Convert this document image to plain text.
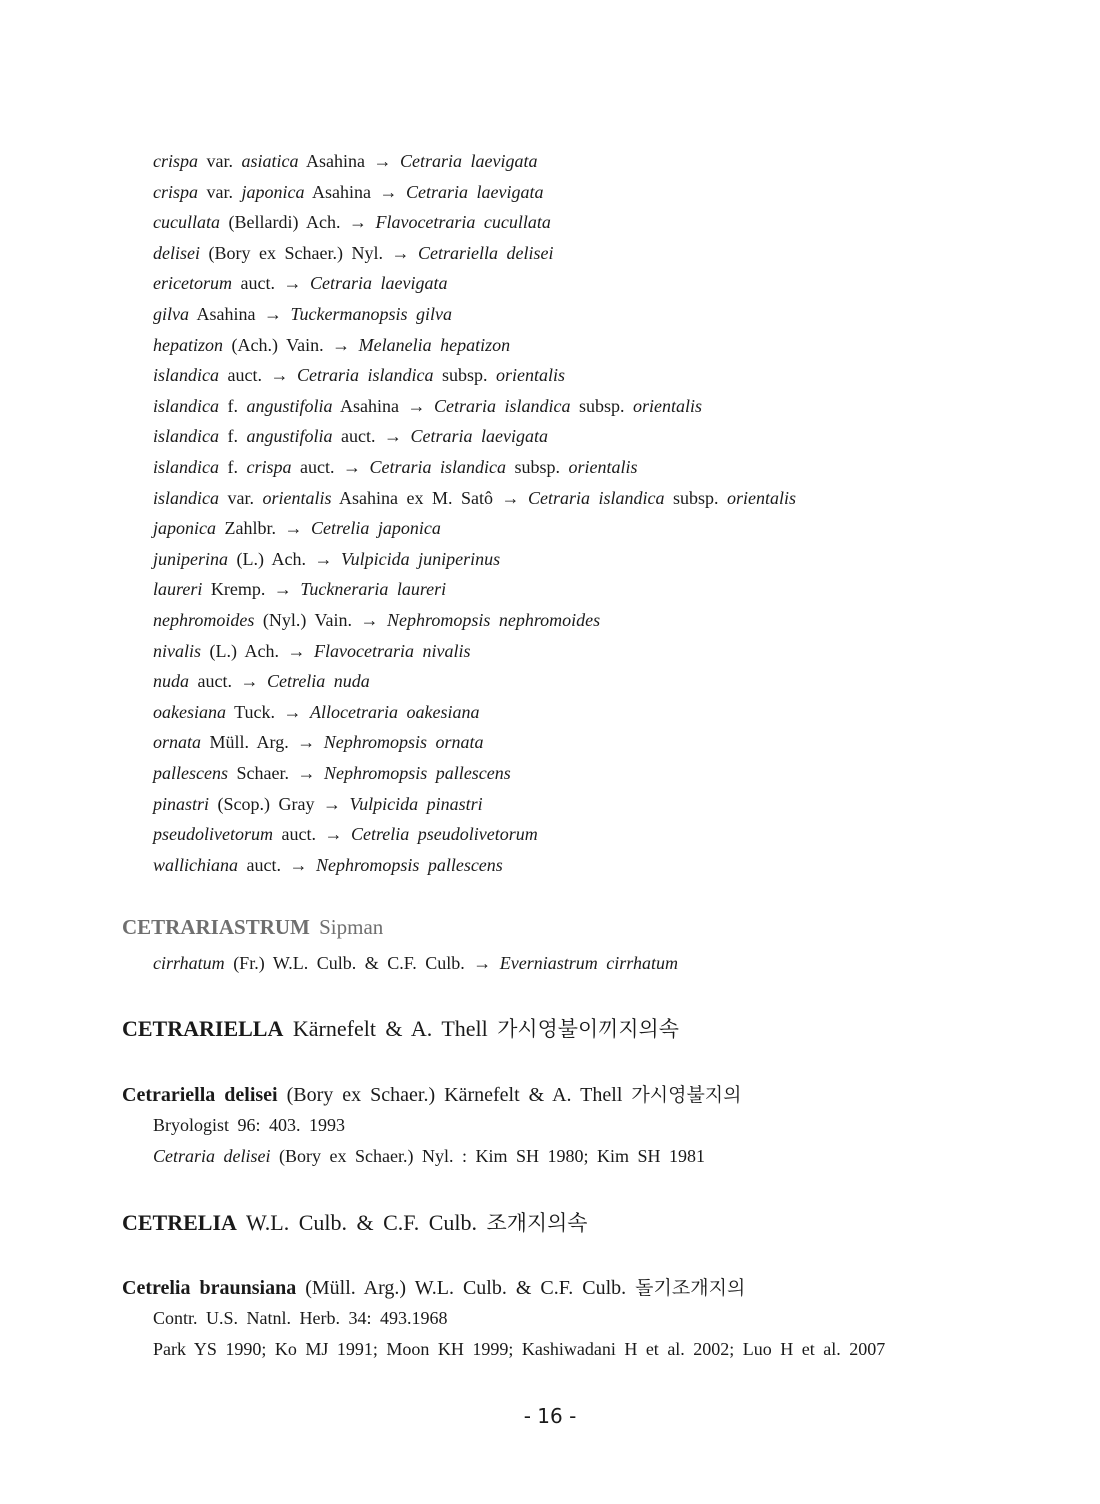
crispa var. asiatica Asahina → Cetraria laevigata
crispa var. japonica Asahina → Cetraria laevigata
cucullata (Bellardi) Ach. → Flavocetraria cucullata
delisei (Bory ex Schaer.) Nyl. → Cetrariella delisei
ericetorum auct. → Cetraria laevigata
gilva Asahina → Tuckermanopsis gilva
hepatizon (Ach.) Vain. → Melanelia hepatizon
islandica auct. → Cetraria islandica subsp. orientalis
islandica f. angustifolia Asahina → Cetraria islandica subsp. orientalis
islandica f. angustifolia auct. → Cetraria laevigata
islandica f. crispa auct. → Cetraria islandica subsp. orientalis
islandica var. orientalis Asahina ex M. Satô → Cetraria islandica subsp. orientalis
japonica Zahlbr. → Cetrelia japonica
juniperina (L.) Ach. → Vulpicida juniperinus
laureri Kremp. → Tuckneraria laureri
nephromoides (Nyl.) Vain. → Nephromopsis nephromoides
nivalis (L.) Ach. → Flavocetraria nivalis
nuda auct. → Cetrelia nuda
oakesiana Tuck. → Allocetraria oakesiana
ornata Müll. Arg. → Nephromopsis ornata
pallescens Schaer. → Nephromopsis pallescens
pinastri (Scop.) Gray → Vulpicida pinastri
pseudolivetorum auct. → Cetrelia pseudolivetorum
wallichiana auct. → Nephromopsis pallescens
CETRARIASTRUM Sipman
cirrhatum (Fr.) W.L. Culb. & C.F. Culb. → Everniastrum cirrhatum
CETRARIELLA Kärnefelt & A. Thell 가시영불이끼지의속
Cetrariella delisei (Bory ex Schaer.) Kärnefelt & A. Thell 가시영불지의
Bryologist 96: 403. 1993
Cetraria delisei (Bory ex Schaer.) Nyl. : Kim SH 1980; Kim SH 1981
CETRELIA W.L. Culb. & C.F. Culb. 조개지의속
Cetrelia braunsiana (Müll. Arg.) W.L. Culb. & C.F. Culb. 돌기조개지의
Contr. U.S. Natnl. Herb. 34: 493.1968
Park YS 1990; Ko MJ 1991; Moon KH 1999; Kashiwadani H et al. 2002; Luo H et al. 2007
- 16 -
